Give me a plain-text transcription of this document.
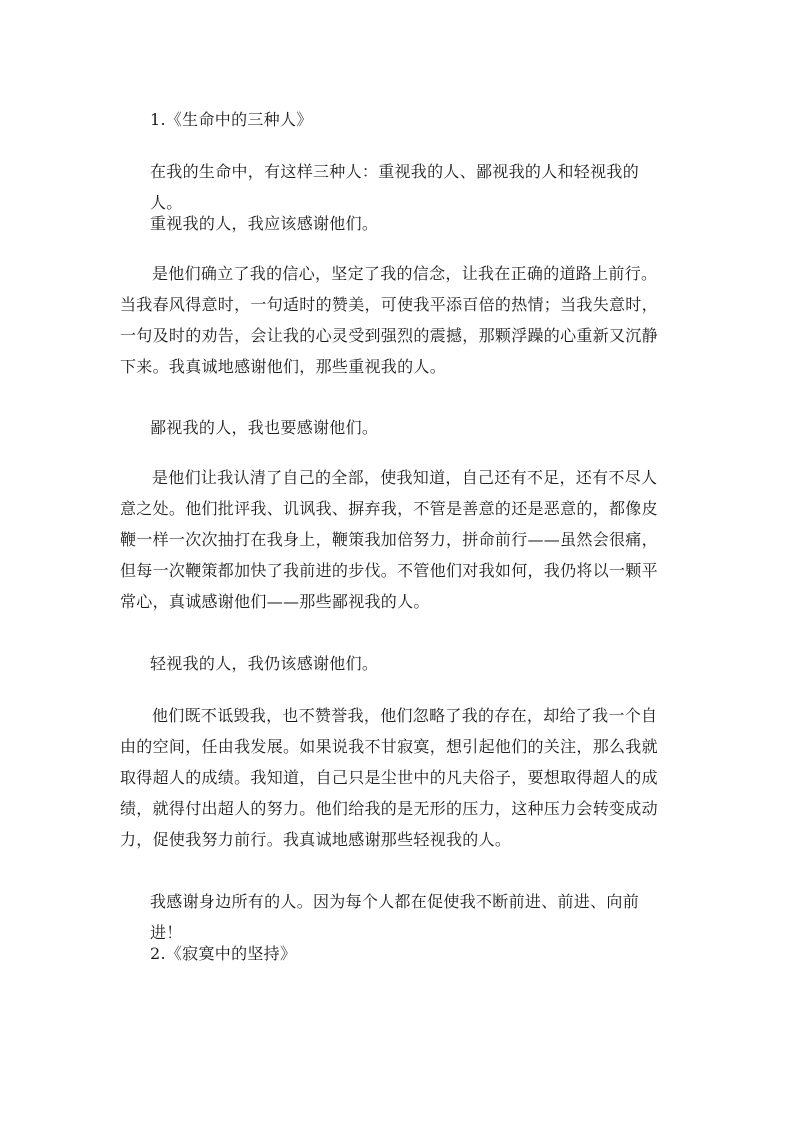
1.《生命中的三种人》

在我的生命中，有这样三种人：重视我的人、鄙视我的人和轻视我的人。

重视我的人，我应该感谢他们。

是他们确立了我的信心，坚定了我的信念，让我在正确的道路上前行。当我春风得意时，一句适时的赞美，可使我平添百倍的热情；当我失意时，一句及时的劝告，会让我的心灵受到强烈的震撼，那颗浮躁的心重新又沉静下来。我真诚地感谢他们，那些重视我的人。

鄙视我的人，我也要感谢他们。

是他们让我认清了自己的全部，使我知道，自己还有不足，还有不尽人意之处。他们批评我、讥讽我、摒弃我，不管是善意的还是恶意的，都像皮鞭一样一次次抽打在我身上，鞭策我加倍努力，拼命前行——虽然会很痛，但每一次鞭策都加快了我前进的步伐。不管他们对我如何，我仍将以一颗平常心，真诚感谢他们——那些鄙视我的人。

轻视我的人，我仍该感谢他们。

他们既不诋毁我，也不赞誉我，他们忽略了我的存在，却给了我一个自由的空间，任由我发展。如果说我不甘寂寞，想引起他们的关注，那么我就取得超人的成绩。我知道，自己只是尘世中的凡夫俗子，要想取得超人的成绩，就得付出超人的努力。他们给我的是无形的压力，这种压力会转变成动力，促使我努力前行。我真诚地感谢那些轻视我的人。

我感谢身边所有的人。因为每个人都在促使我不断前进、前进、向前进！

2.《寂寞中的坚持》
